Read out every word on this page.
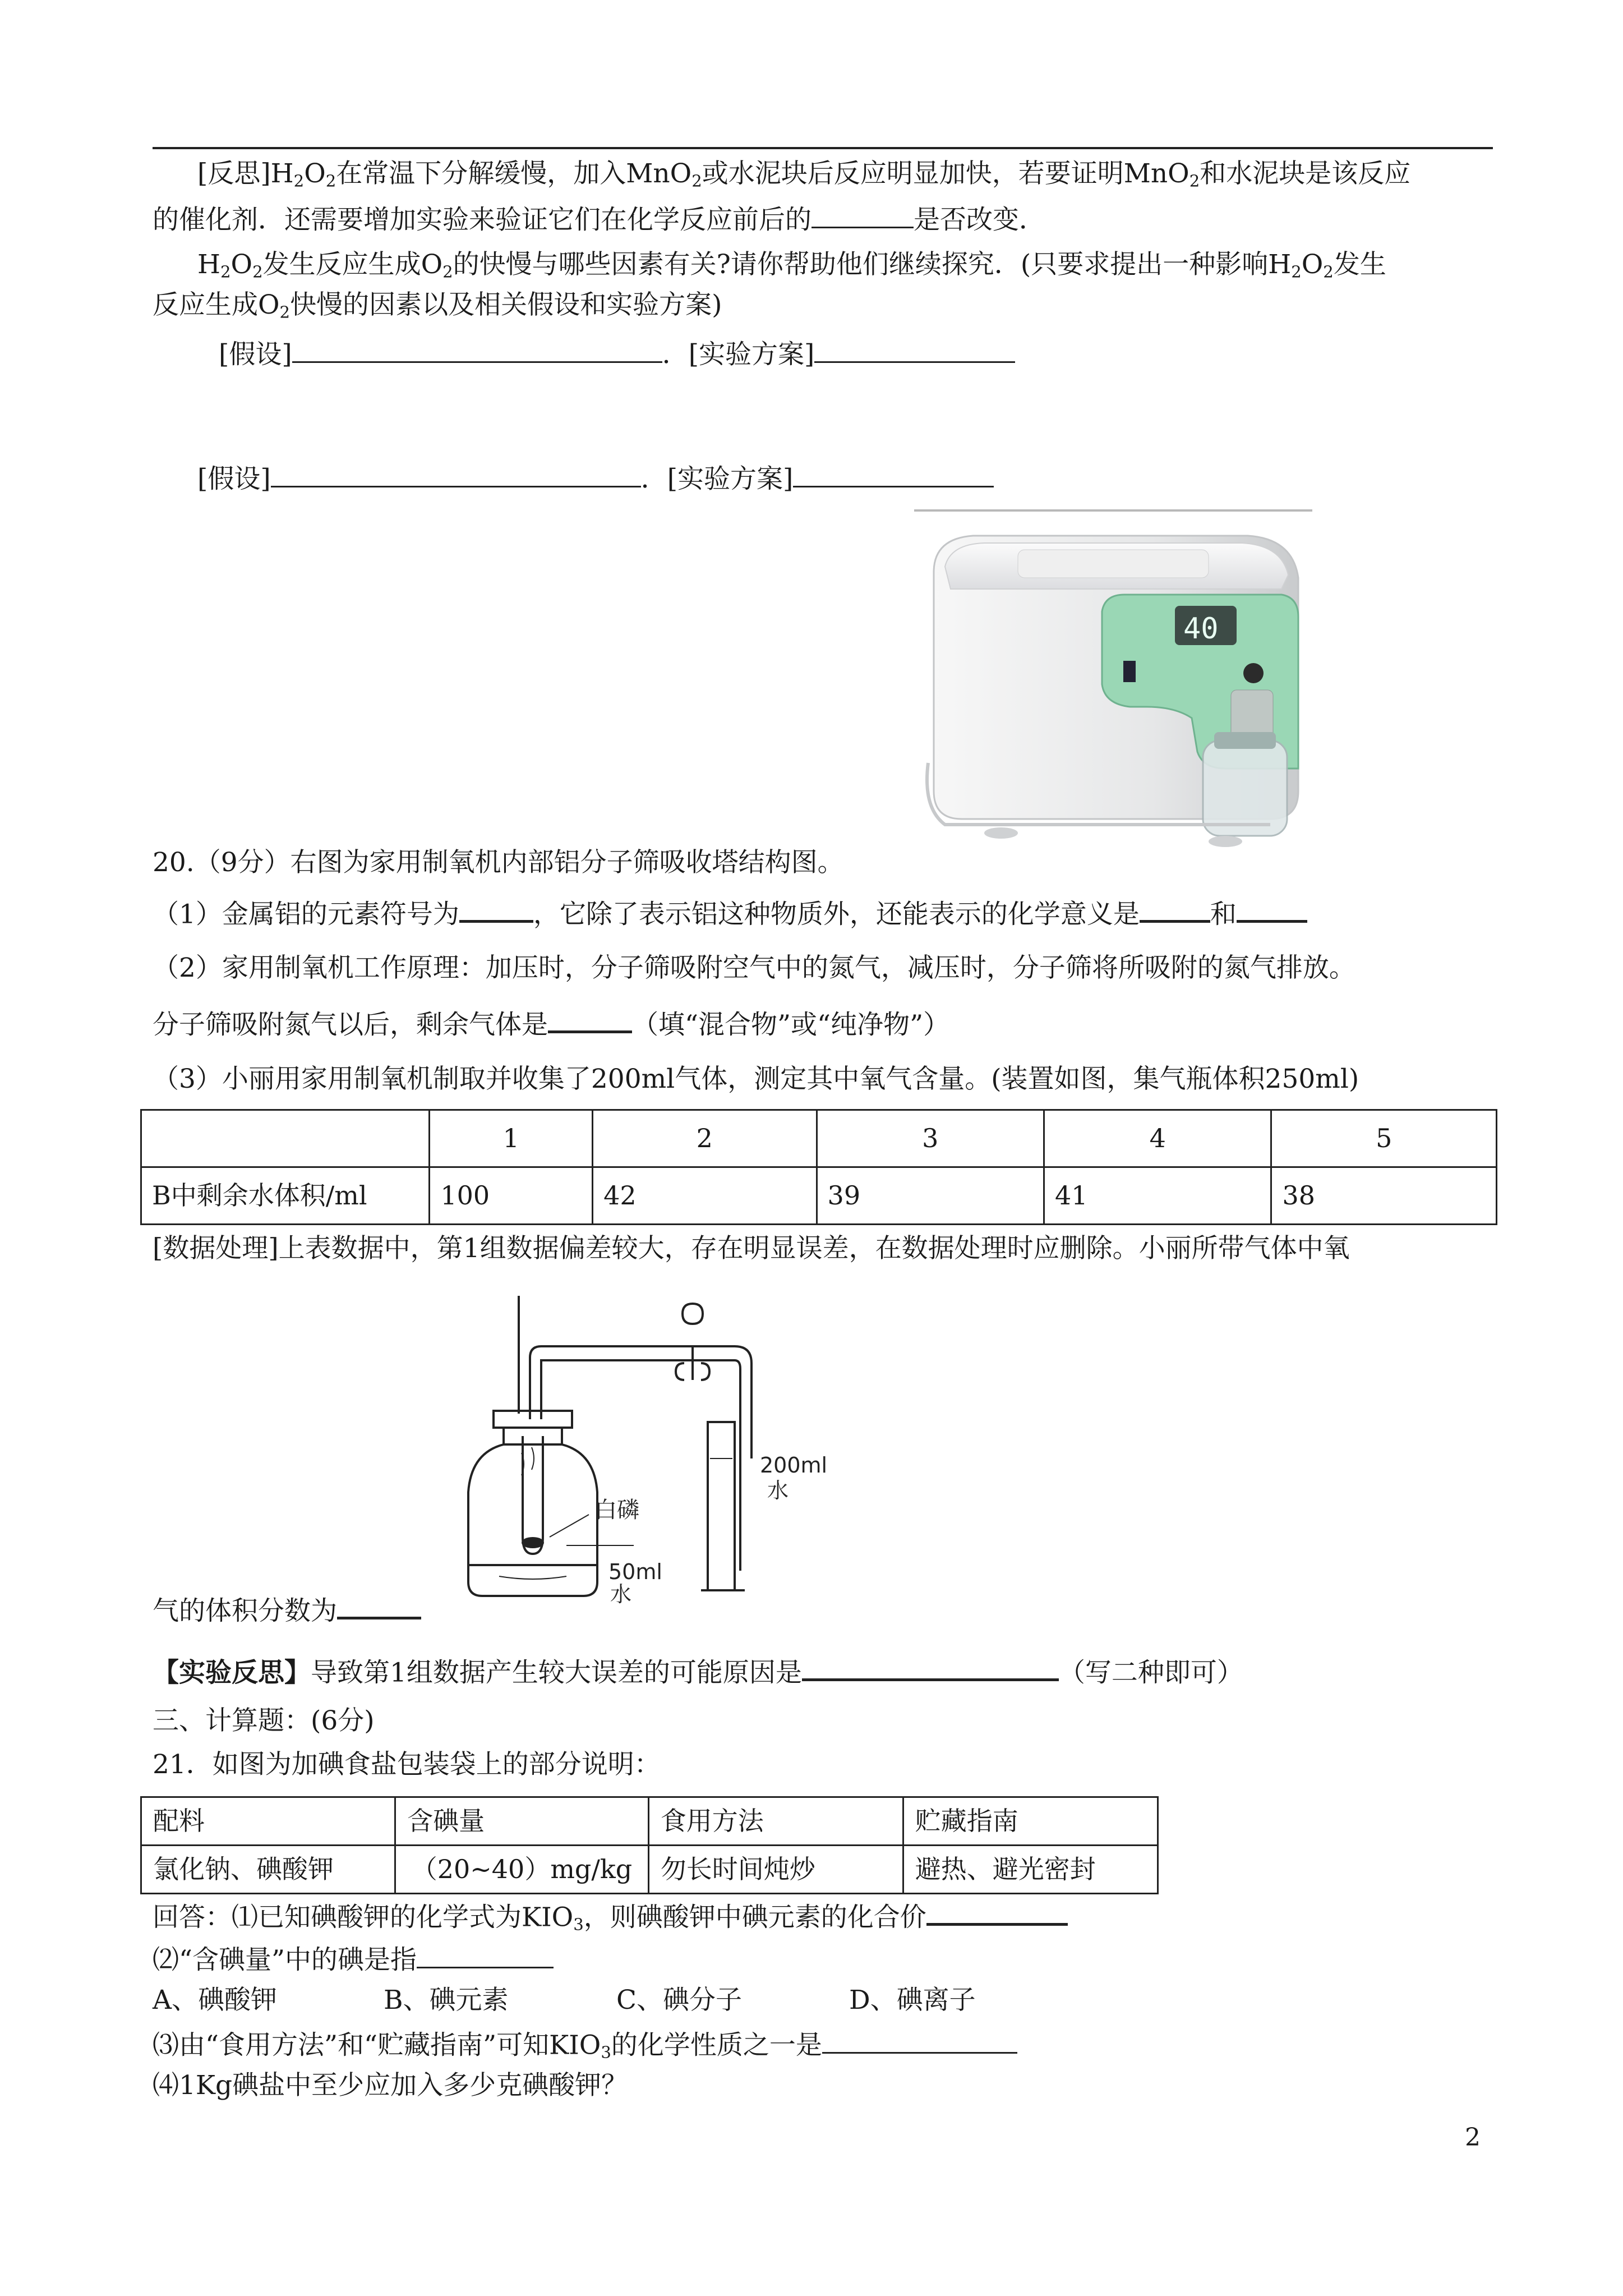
[反思]$H_2O_2$在常温下分解缓慢，加入MnO$_2$或水泥块后反应明显加快，若要证明MnO$_2$和水泥块是该反应
的催化剂．还需要增加实验来验证它们在化学反应前后的	是否改变．
$H_2O_2$发生反应生成$O_2$的快慢与哪些因素有关?请你帮助他们继续探究．(只要求提出一种影响$H_2O_2$发生
反应生成$O_2$快慢的因素以及相关假设和实验方案)
[假设]	．[实验方案]
[假设]	．[实验方案]
40
20.（9分）右图为家用制氧机内部铝分子筛吸收塔结构图。
（1）金属铝的元素符号为	，它除了表示铝这种物质外，还能表示的化学意义是	和
（2）家用制氧机工作原理：加压时，分子筛吸附空气中的氮气，减压时，分子筛将所吸附的氮气排放。
分子筛吸附氮气以后，剩余气体是	（填“混合物”或“纯净物”）
（3）小丽用家用制氧机制取并收集了200ml气体，测定其中氧气含量。(装置如图，集气瓶体积250ml)
	1	2	3	4	5
B中剩余水体积/ml	100	42	39	41	38
[数据处理]上表数据中，第1组数据偏差较大，存在明显误差，在数据处理时应删除。小丽所带气体中氧
白磷
200ml
水
50ml
水
气的体积分数为
【实验反思】导致第1组数据产生较大误差的可能原因是	（写二种即可）
三、计算题：(6分)
21．如图为加碘食盐包装袋上的部分说明：
配料	含碘量	食用方法	贮藏指南
氯化钠、碘酸钾	（20~40）mg/kg	勿长时间炖炒	避热、避光密封
回答：⑴已知碘酸钾的化学式为$KIO_3$，则碘酸钾中碘元素的化合价
⑵“含碘量”中的碘是指
A、碘酸钾	B、碘元素	C、碘分子	D、碘离子
⑶由“食用方法”和“贮藏指南”可知$KIO_3$的化学性质之一是
⑷1Kg碘盐中至少应加入多少克碘酸钾？
2
